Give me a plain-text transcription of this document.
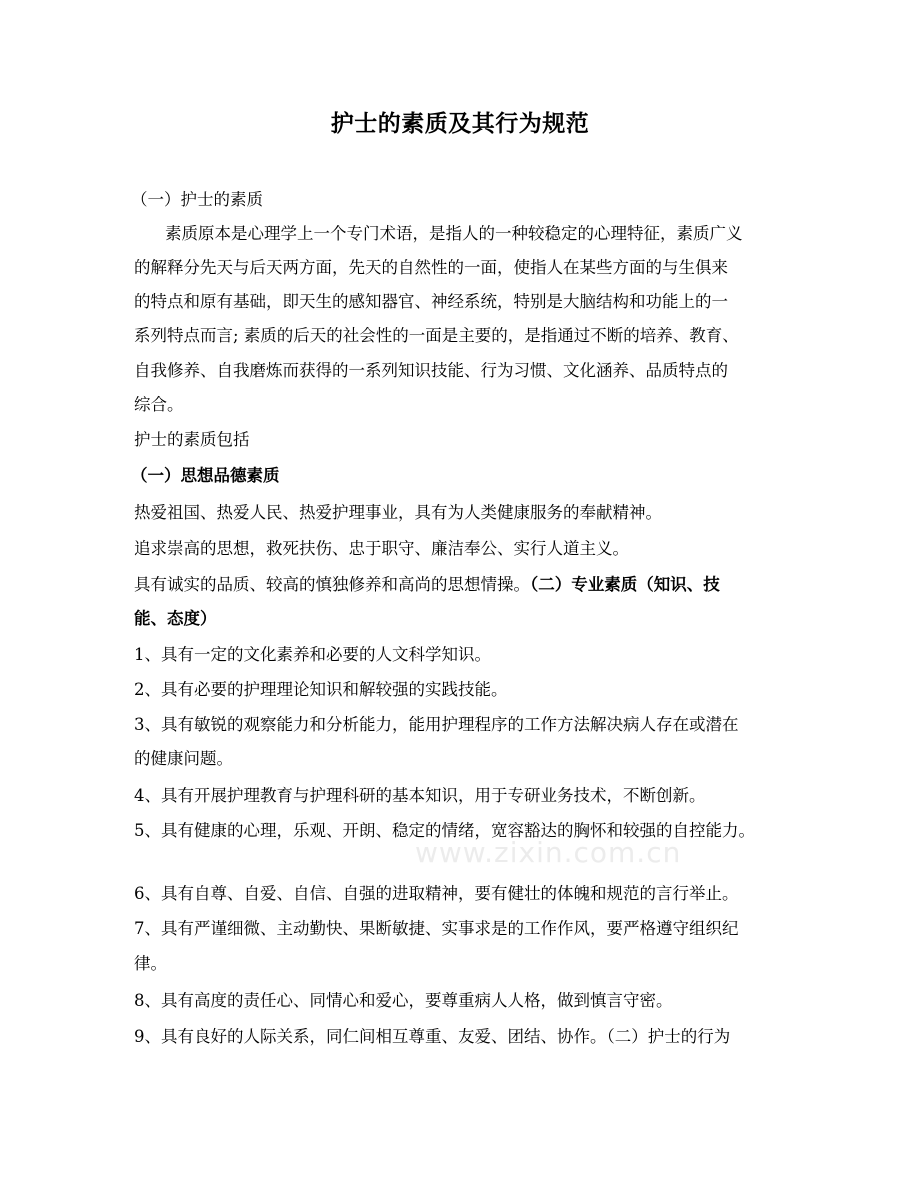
护士的素质及其行为规范
（一）护士的素质
素质原本是心理学上一个专门术语，是指人的一种较稳定的心理特征，素质广义
的解释分先天与后天两方面，先天的自然性的一面，使指人在某些方面的与生俱来
的特点和原有基础，即天生的感知器官、神经系统，特别是大脑结构和功能上的一
系列特点而言; 素质的后天的社会性的一面是主要的，是指通过不断的培养、教育、
自我修养、自我磨炼而获得的一系列知识技能、行为习惯、文化涵养、品质特点的
综合。
护士的素质包括
（一）思想品德素质
热爱祖国、热爱人民、热爱护理事业，具有为人类健康服务的奉献精神。
追求崇高的思想，救死扶伤、忠于职守、廉洁奉公、实行人道主义。
具有诚实的品质、较高的慎独修养和高尚的思想情操。（二）专业素质（知识、技
能、态度）
1、具有一定的文化素养和必要的人文科学知识。
2、具有必要的护理理论知识和解较强的实践技能。
3、具有敏锐的观察能力和分析能力，能用护理程序的工作方法解决病人存在或潜在
的健康问题。
4、具有开展护理教育与护理科研的基本知识，用于专研业务技术，不断创新。
5、具有健康的心理，乐观、开朗、稳定的情绪，宽容豁达的胸怀和较强的自控能力。
www.zixin.com.cn
6、具有自尊、自爱、自信、自强的进取精神，要有健壮的体魄和规范的言行举止。
7、具有严谨细微、主动勤快、果断敏捷、实事求是的工作作风，要严格遵守组织纪
律。
8、具有高度的责任心、同情心和爱心，要尊重病人人格，做到慎言守密。
9、具有良好的人际关系，同仁间相互尊重、友爱、团结、协作。（二）护士的行为
